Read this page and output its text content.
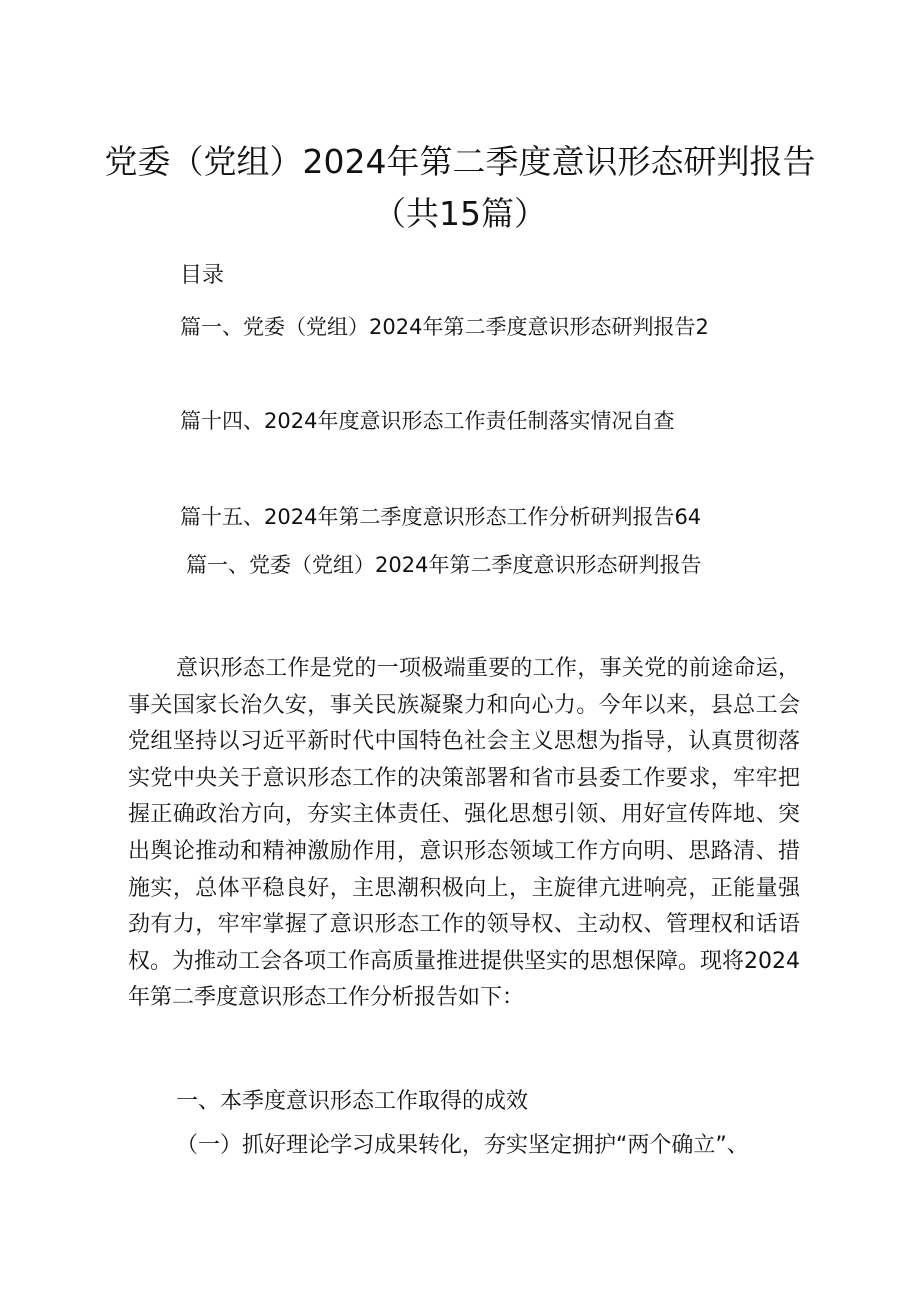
党委（党组）2024年第二季度意识形态研判报告（共15篇）
目录
篇一、党委（党组）2024年第二季度意识形态研判报告2
篇十四、2024年度意识形态工作责任制落实情况自查
篇十五、2024年第二季度意识形态工作分析研判报告64
篇一、党委（党组）2024年第二季度意识形态研判报告

意识形态工作是党的一项极端重要的工作，事关党的前途命运，事关国家长治久安，事关民族凝聚力和向心力。今年以来，县总工会党组坚持以习近平新时代中国特色社会主义思想为指导，认真贯彻落实党中央关于意识形态工作的决策部署和省市县委工作要求，牢牢把握正确政治方向，夯实主体责任、强化思想引领、用好宣传阵地、突出舆论推动和精神激励作用，意识形态领域工作方向明、思路清、措施实，总体平稳良好，主思潮积极向上，主旋律亢进响亮，正能量强劲有力，牢牢掌握了意识形态工作的领导权、主动权、管理权和话语权。为推动工会各项工作高质量推进提供坚实的思想保障。现将2024年第二季度意识形态工作分析报告如下：

一、本季度意识形态工作取得的成效
（一）抓好理论学习成果转化，夯实坚定拥护“两个确立”、
